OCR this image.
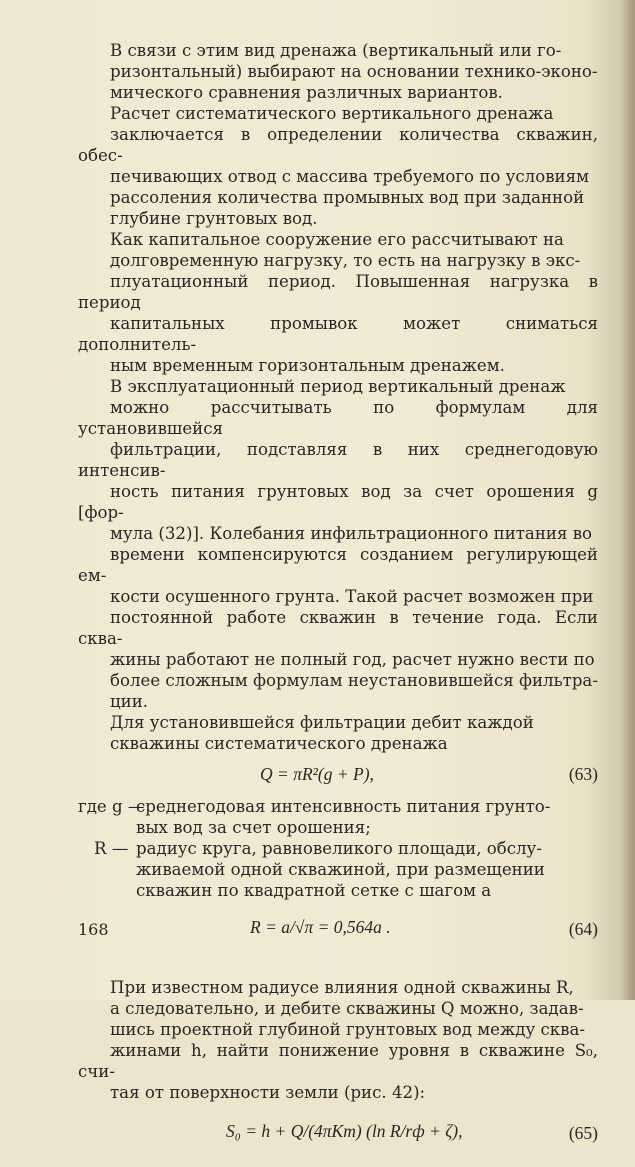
В связи с этим вид дренажа (вертикальный или го-
ризонтальный) выбирают на основании технико-эконо-
мического сравнения различных вариантов.

Расчет систематического вертикального дренажа
заключается в определении количества скважин, обес-
печивающих отвод с массива требуемого по условиям
рассоления количества промывных вод при заданной
глубине грунтовых вод.

Как капитальное сооружение его рассчитывают на
долговременную нагрузку, то есть на нагрузку в экс-
плуатационный период. Повышенная нагрузка в период
капитальных промывок может сниматься дополнитель-
ным временным горизонтальным дренажем.

В эксплуатационный период вертикальный дренаж
можно рассчитывать по формулам для установившейся
фильтрации, подставляя в них среднегодовую интенсив-
ность питания грунтовых вод за счет орошения g [фор-
мула (32)]. Колебания инфильтрационного питания во
времени компенсируются созданием регулирующей ем-
кости осушенного грунта. Такой расчет возможен при
постоянной работе скважин в течение года. Если сква-
жины работают не полный год, расчет нужно вести по
более сложным формулам неустановившейся фильтра-
ции.

Для установившейся фильтрации дебит каждой
скважины систематического дренажа

Q = πR²(g + P),	(63)
где g —
среднегодовая интенсивность питания грунто-
вых вод за счет орошения;
R — радиус круга, равновеликого площади, обслу-
живаемой одной скважиной, при размещении
скважин по квадратной сетке с шагом a
R = a/√π = 0,564a .	(64)

При известном радиусе влияния одной скважины R,
а следовательно, и дебите скважины Q можно, задав-
шись проектной глубиной грунтовых вод между сква-
жинами h, найти понижение уровня в скважине S₀, счи-
тая от поверхности земли (рис. 42):

S₀ = h + Q/(4πKm) (ln R/rф + ζ),	(65)
168
